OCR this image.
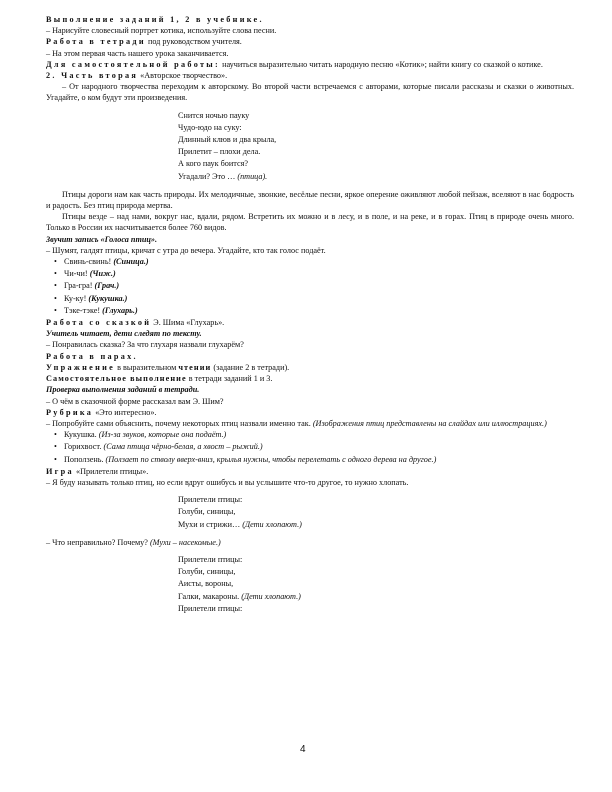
Выполнение заданий 1, 2 в учебнике.

– Нарисуйте словесный портрет котика, используйте слова песни.

Работа в тетради под руководством учителя.

– На этом первая часть нашего урока заканчивается.

Для самостоятельной работы: научиться выразительно читать народную песню «Котик»; найти книгу со сказкой о котике.

2. Часть вторая «Авторское творчество».

– От народного творчества переходим к авторскому. Во второй части встречаемся с авторами, которые писали рассказы и сказки о животных. Угадайте, о ком будут эти произведения.

Снится ночью пауку

Чудо-юдо на суку:

Длинный клюв и два крыла,

Прилетит – плохи дела.

А кого паук боится?

Угадали? Это … (птица).

Птицы дороги нам как часть природы. Их мелодичные, звонкие, весёлые песни, яркое оперение оживляют любой пейзаж, вселяют в нас бодрость и радость. Без птиц природа мертва.

Птицы везде – над нами, вокруг нас, вдали, рядом. Встретить их можно и в лесу, и в поле, и на реке, и в горах. Птиц в природе очень много. Только в России их насчитывается более 760 видов.

Звучит запись «Голоса птиц».

– Шумят, галдят птицы, кричат с утра до вечера. Угадайте, кто так голос подаёт.

• Свинь-свинь! (Синица.)
• Чи-чи! (Чиж.)
• Гра-гра! (Грач.)
• Ку-ку! (Кукушка.)
• Тэке-тэке! (Глухарь.)

Работа со сказкой Э. Шима «Глухарь».

Учитель читает, дети следят по тексту.

– Понравилась сказка? За что глухаря назвали глухарём?

Работа в парах.

Упражнение в выразительном чтении (задание 2 в тетради).

Самостоятельное выполнение в тетради заданий 1 и 3.

Проверка выполнения заданий в тетради.

– О чём в сказочной форме рассказал вам Э. Шим?

Рубрика «Это интересно».

– Попробуйте сами объяснить, почему некоторых птиц назвали именно так. (Изображения птиц представлены на слайдах или иллюстрациях.)

• Кукушка. (Из-за звуков, которые она подаёт.)
• Горихвост. (Сама птица чёрно-белая, а хвост – рыжий.)
• Поползень. (Ползает по стволу вверх-вниз, крылья нужны, чтобы перелетать с одного дерева на другое.)

Игра «Прилетели птицы».

– Я буду называть только птиц, но если вдруг ошибусь и вы услышите что-то другое, то нужно хлопать.

Прилетели птицы:

Голуби, синицы,

Мухи и стрижи… (Дети хлопают.)

– Что неправильно? Почему? (Мухи – насекомые.)

Прилетели птицы:

Голуби, синицы,

Аисты, вороны,

Галки, макароны. (Дети хлопают.)

Прилетели птицы:

4
